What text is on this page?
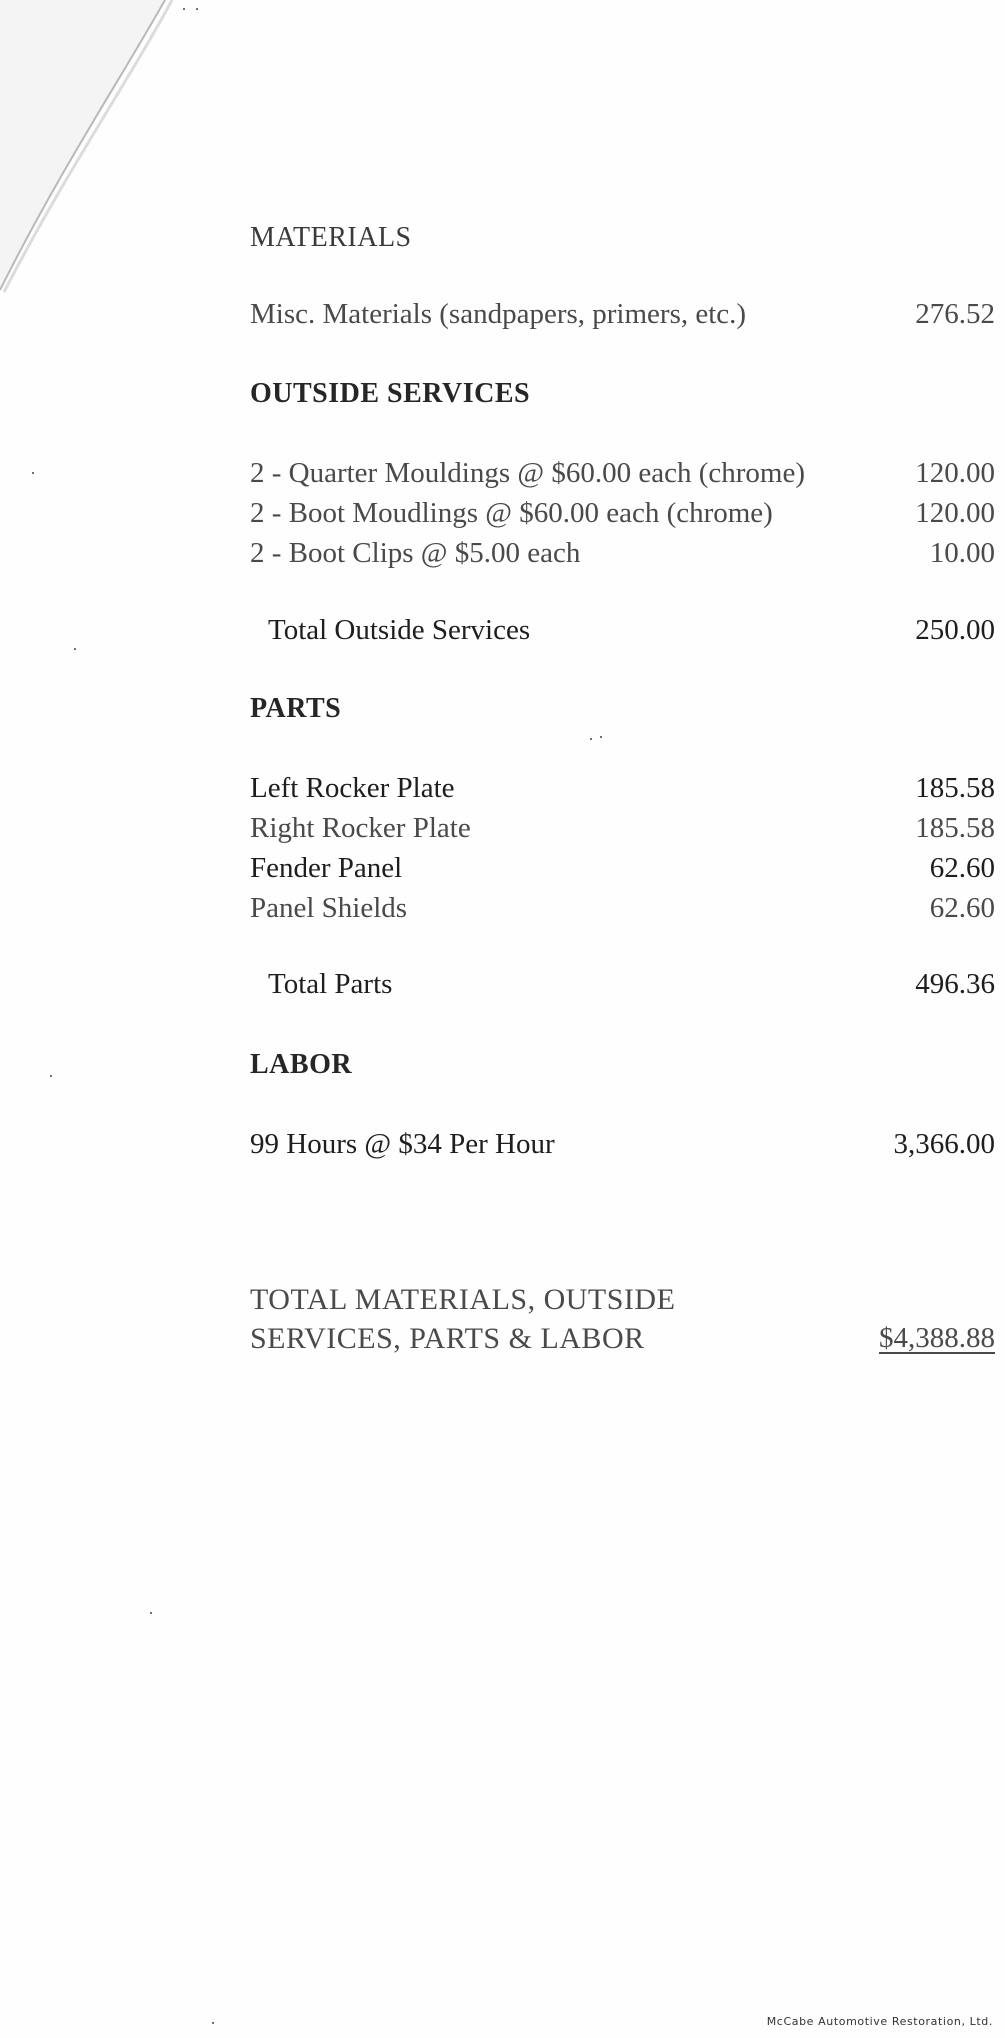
MATERIALS
Misc. Materials (sandpapers, primers, etc.)	276.52
OUTSIDE SERVICES
2 - Quarter Mouldings @ $60.00 each (chrome)	120.00
2 - Boot Moudlings @ $60.00 each (chrome)	120.00
2 - Boot Clips @ $5.00 each	10.00
Total Outside Services	250.00
PARTS
Left Rocker Plate	185.58
Right Rocker Plate	185.58
Fender Panel	62.60
Panel Shields	62.60
Total Parts	496.36
LABOR
99 Hours @ $34 Per Hour	3,366.00
TOTAL MATERIALS, OUTSIDE
SERVICES, PARTS & LABOR	$4,388.88
McCabe Automotive Restoration, Ltd.
